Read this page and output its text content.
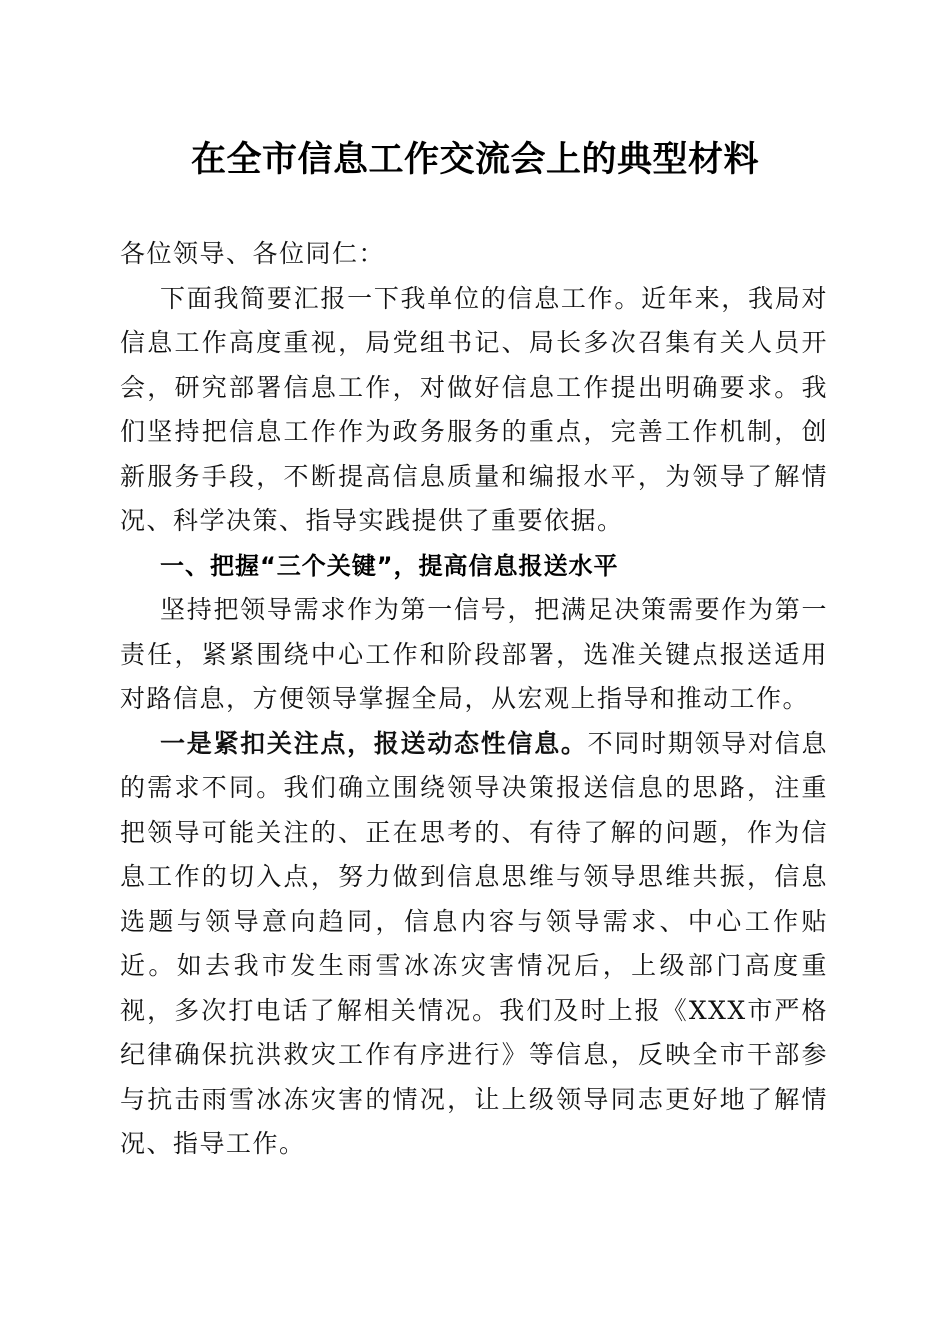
在全市信息工作交流会上的典型材料

各位领导、各位同仁：

下面我简要汇报一下我单位的信息工作。近年来，我局对信息工作高度重视，局党组书记、局长多次召集有关人员开会，研究部署信息工作，对做好信息工作提出明确要求。我们坚持把信息工作作为政务服务的重点，完善工作机制，创新服务手段，不断提高信息质量和编报水平，为领导了解情况、科学决策、指导实践提供了重要依据。

一、把握“三个关键”，提高信息报送水平

坚持把领导需求作为第一信号，把满足决策需要作为第一责任，紧紧围绕中心工作和阶段部署，选准关键点报送适用对路信息，方便领导掌握全局，从宏观上指导和推动工作。

一是紧扣关注点，报送动态性信息。不同时期领导对信息的需求不同。我们确立围绕领导决策报送信息的思路，注重把领导可能关注的、正在思考的、有待了解的问题，作为信息工作的切入点，努力做到信息思维与领导思维共振，信息选题与领导意向趋同，信息内容与领导需求、中心工作贴近。如去我市发生雨雪冰冻灾害情况后，上级部门高度重视，多次打电话了解相关情况。我们及时上报《XXX市严格纪律确保抗洪救灾工作有序进行》等信息，反映全市干部参与抗击雨雪冰冻灾害的情况，让上级领导同志更好地了解情况、指导工作。
